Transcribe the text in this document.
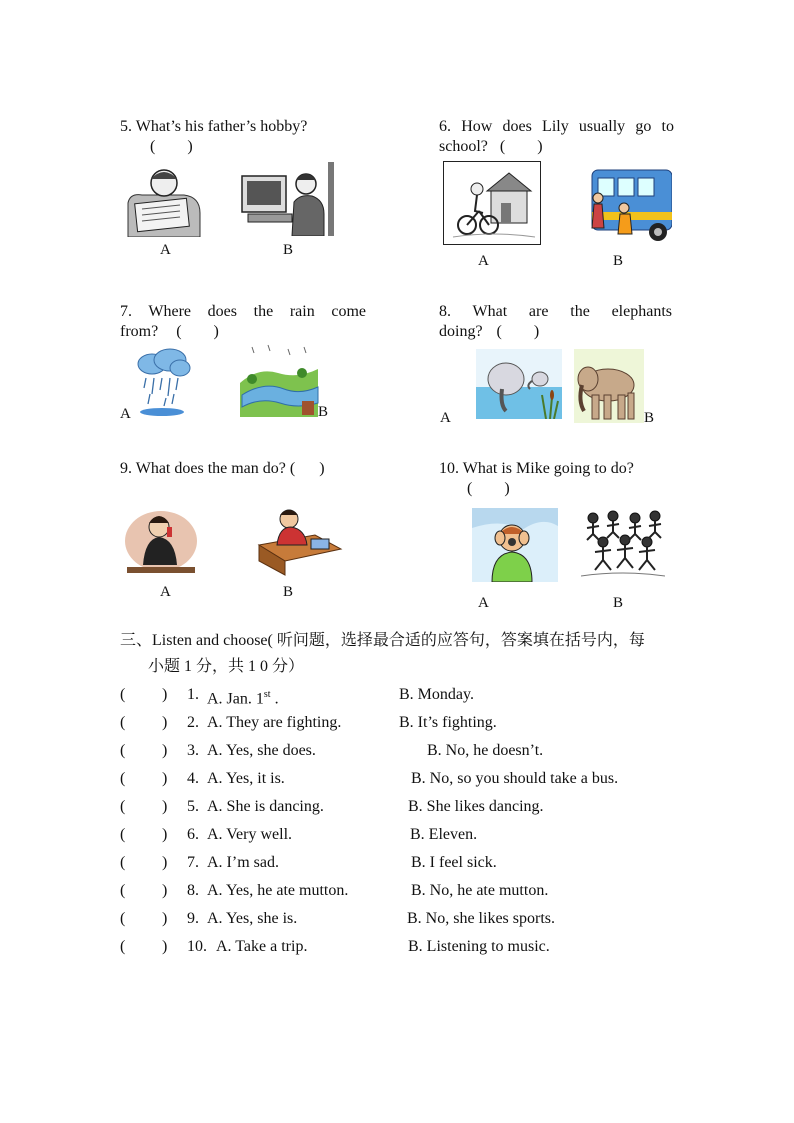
5. What’s his father’s hobby?
(        )
A	B
6. How does Lily usually go to
school? (        )
A	B
7. Where does the rain come
from? (        )
A	B
8. What are the elephants
doing? (        )
A	B
9. What does the man do? (      )
A	B
10. What is Mike going to do?
(        )
A	B
三、Listen and choose( 听问题，选择最合适的应答句，答案填在括号内，每
小题 1 分，共 1 0 分）
( ) 1. A. Jan. 1st .	B. Monday.
( ) 2. A. They are fighting.	B. It’s fighting.
( ) 3. A. Yes, she does.	B. No, he doesn’t.
( ) 4. A. Yes, it is.	B. No, so you should take a bus.
( ) 5. A. She is dancing.	B. She likes dancing.
( ) 6. A. Very well.	B. Eleven.
( ) 7. A. I’m sad.	B. I feel sick.
( ) 8. A. Yes, he ate mutton.	B. No, he ate mutton.
( ) 9. A. Yes, she is.	B. No, she likes sports.
( ) 10. A. Take a trip.	B. Listening to music.
